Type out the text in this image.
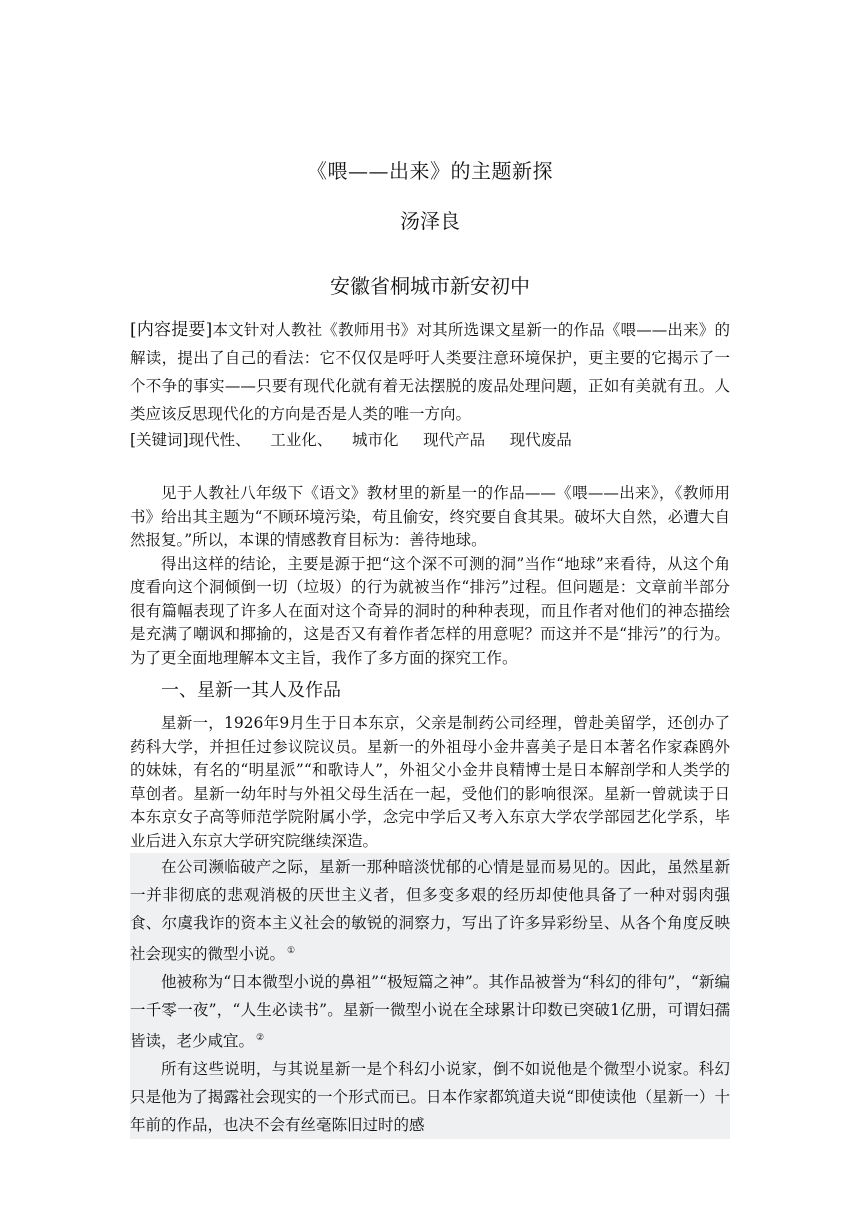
《喂——出来》的主题新探
汤泽良
安徽省桐城市新安初中

[内容提要]本文针对人教社《教师用书》对其所选课文星新一的作品《喂——出来》的解读，提出了自己的看法：它不仅仅是呼吁人类要注意环境保护，更主要的它揭示了一个不争的事实——只要有现代化就有着无法摆脱的废品处理问题，正如有美就有丑。人类应该反思现代化的方向是否是人类的唯一方向。

[关键词]现代性、    工业化、    城市化     现代产品     现代废品

见于人教社八年级下《语文》教材里的新星一的作品——《喂——出来》，《教师用书》给出其主题为“不顾环境污染，苟且偷安，终究要自食其果。破坏大自然，必遭大自然报复。”所以，本课的情感教育目标为：善待地球。

得出这样的结论，主要是源于把“这个深不可测的洞”当作“地球”来看待，从这个角度看向这个洞倾倒一切（垃圾）的行为就被当作“排污”过程。但问题是：文章前半部分很有篇幅表现了许多人在面对这个奇异的洞时的种种表现，而且作者对他们的神态描绘是充满了嘲讽和揶揄的，这是否又有着作者怎样的用意呢？而这并不是“排污”的行为。为了更全面地理解本文主旨，我作了多方面的探究工作。

一、星新一其人及作品

星新一，1926年9月生于日本东京，父亲是制药公司经理，曾赴美留学，还创办了药科大学，并担任过参议院议员。星新一的外祖母小金井喜美子是日本著名作家森鸥外的妹妹，有名的“明星派”“和歌诗人”，外祖父小金井良精博士是日本解剖学和人类学的草创者。星新一幼年时与外祖父母生活在一起，受他们的影响很深。星新一曾就读于日本东京女子高等师范学院附属小学，念完中学后又考入东京大学农学部园艺化学系，毕业后进入东京大学研究院继续深造。

在公司濒临破产之际，星新一那种暗淡忧郁的心情是显而易见的。因此，虽然星新一并非彻底的悲观消极的厌世主义者，但多变多艰的经历却使他具备了一种对弱肉强食、尔虞我诈的资本主义社会的敏锐的洞察力，写出了许多异彩纷呈、从各个角度反映社会现实的微型小说。 ①

他被称为“日本微型小说的鼻祖”“极短篇之神”。其作品被誉为“科幻的徘句”，“新编一千零一夜”，“人生必读书”。星新一微型小说在全球累计印数已突破1亿册，可谓妇孺皆读，老少咸宜。 ②

所有这些说明，与其说星新一是个科幻小说家，倒不如说他是个微型小说家。科幻只是他为了揭露社会现实的一个形式而已。日本作家都筑道夫说“即使读他（星新一）十年前的作品，也决不会有丝毫陈旧过时的感
